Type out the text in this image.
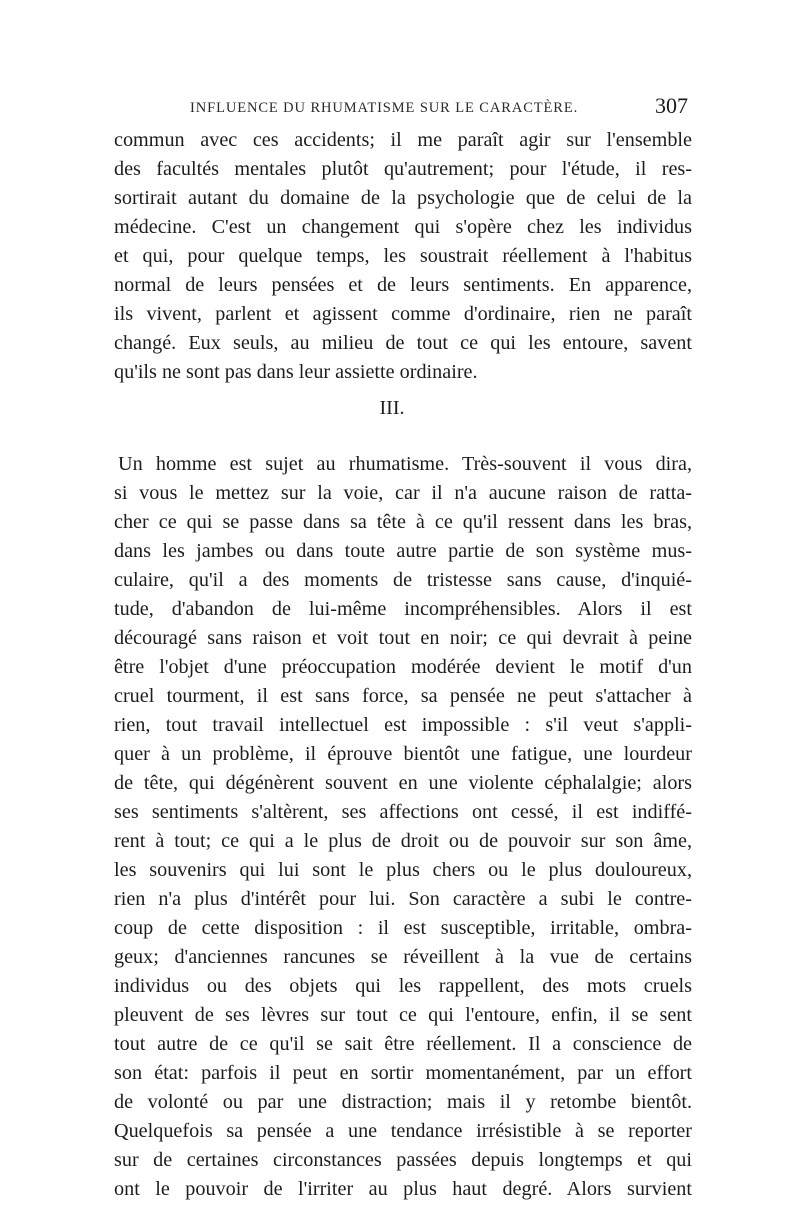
INFLUENCE DU RHUMATISME SUR LE CARACTÈRE.	307
commun avec ces accidents; il me paraît agir sur l'ensemble
des facultés mentales plutôt qu'autrement; pour l'étude, il res-
sortirait autant du domaine de la psychologie que de celui de la
médecine. C'est un changement qui s'opère chez les individus
et qui, pour quelque temps, les soustrait réellement à l'habitus
normal de leurs pensées et de leurs sentiments. En apparence,
ils vivent, parlent et agissent comme d'ordinaire, rien ne paraît
changé. Eux seuls, au milieu de tout ce qui les entoure, savent
qu'ils ne sont pas dans leur assiette ordinaire.
III.
Un homme est sujet au rhumatisme. Très-souvent il vous dira,
si vous le mettez sur la voie, car il n'a aucune raison de ratta-
cher ce qui se passe dans sa tête à ce qu'il ressent dans les bras,
dans les jambes ou dans toute autre partie de son système mus-
culaire, qu'il a des moments de tristesse sans cause, d'inquié-
tude, d'abandon de lui-même incompréhensibles. Alors il est
découragé sans raison et voit tout en noir; ce qui devrait à peine
être l'objet d'une préoccupation modérée devient le motif d'un
cruel tourment, il est sans force, sa pensée ne peut s'attacher à
rien, tout travail intellectuel est impossible : s'il veut s'appli-
quer à un problème, il éprouve bientôt une fatigue, une lourdeur
de tête, qui dégénèrent souvent en une violente céphalalgie; alors
ses sentiments s'altèrent, ses affections ont cessé, il est indiffé-
rent à tout; ce qui a le plus de droit ou de pouvoir sur son âme,
les souvenirs qui lui sont le plus chers ou le plus douloureux,
rien n'a plus d'intérêt pour lui. Son caractère a subi le contre-
coup de cette disposition : il est susceptible, irritable, ombra-
geux; d'anciennes rancunes se réveillent à la vue de certains
individus ou des objets qui les rappellent, des mots cruels
pleuvent de ses lèvres sur tout ce qui l'entoure, enfin, il se sent
tout autre de ce qu'il se sait être réellement. Il a conscience de
son état: parfois il peut en sortir momentanément, par un effort
de volonté ou par une distraction; mais il y retombe bientôt.
Quelquefois sa pensée a une tendance irrésistible à se reporter
sur de certaines circonstances passées depuis longtemps et qui
ont le pouvoir de l'irriter au plus haut degré. Alors survient
